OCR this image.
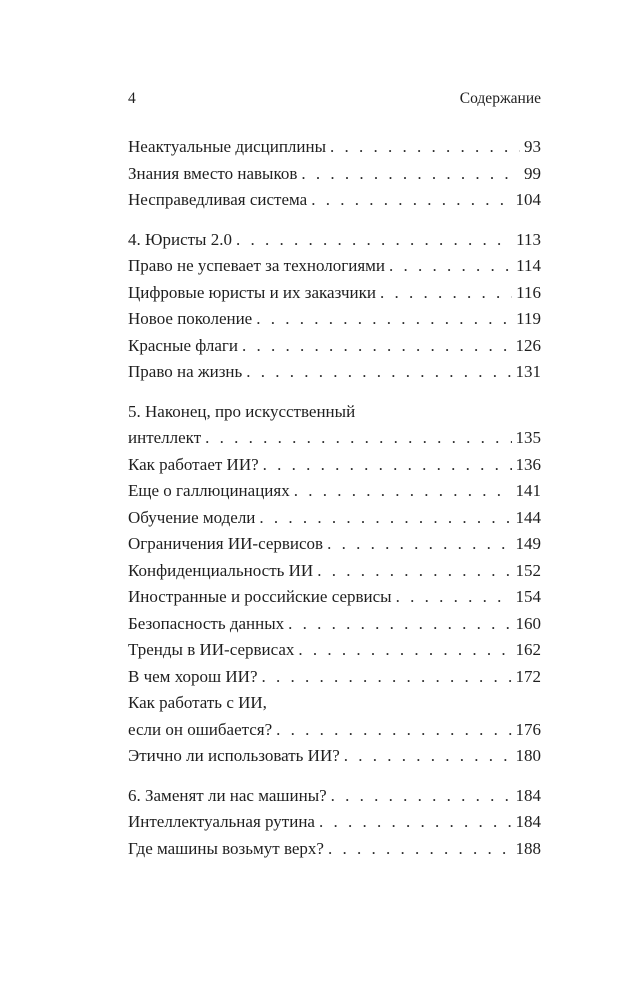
4	Содержание
Неактуальные дисциплины . . .	93
Знания вместо навыков . . .	99
Несправедливая система . . .	104
4. Юристы 2.0 . . .	113
Право не успевает за технологиями . . .	114
Цифровые юристы и их заказчики . . .	116
Новое поколение . . .	119
Красные флаги . . .	126
Право на жизнь . . .	131
5. Наконец, про искусственный
интеллект . . .	135
Как работает ИИ? . . .	136
Еще о галлюцинациях . . .	141
Обучение модели . . .	144
Ограничения ИИ-сервисов . . .	149
Конфиденциальность ИИ . . .	152
Иностранные и российские сервисы . . .	154
Безопасность данных . . .	160
Тренды в ИИ-сервисах . . .	162
В чем хорош ИИ? . . .	172
Как работать с ИИ,
если он ошибается? . . .	176
Этично ли использовать ИИ? . . .	180
6. Заменят ли нас машины? . . .	184
Интеллектуальная рутина . . .	184
Где машины возьмут верх? . . .	188
